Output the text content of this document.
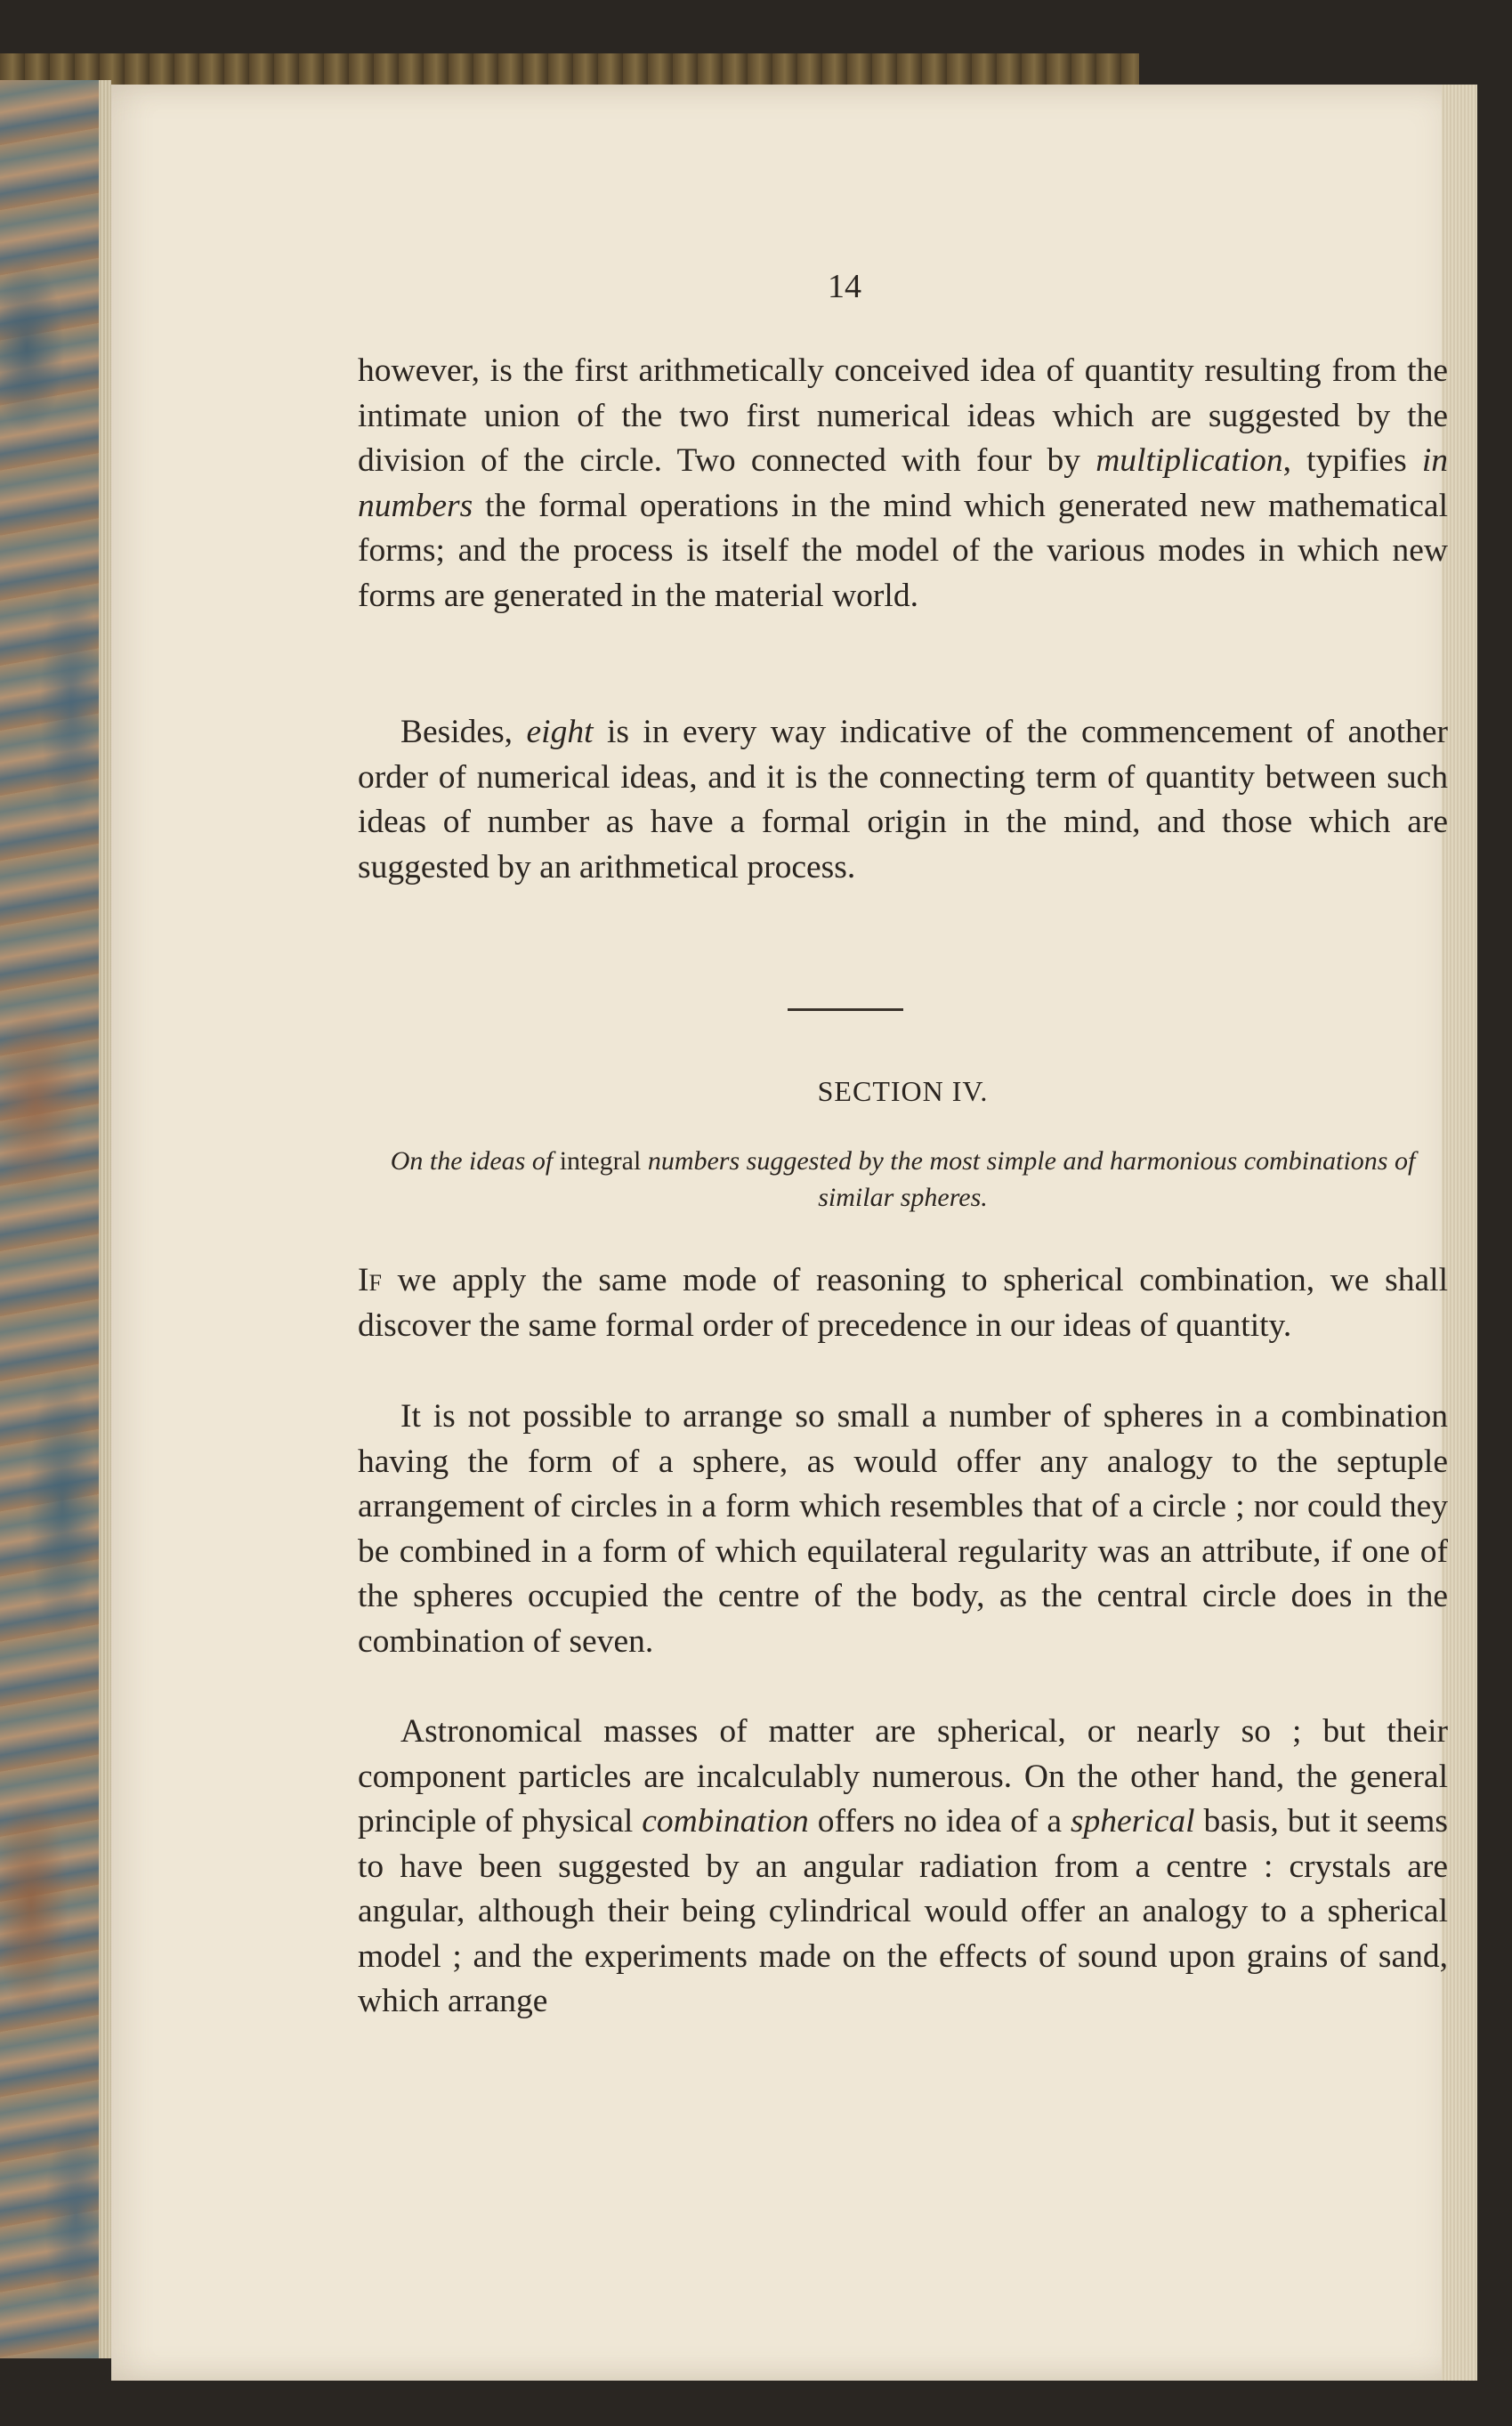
14

however, is the first arithmetically conceived idea of quantity resulting from the intimate union of the two first numerical ideas which are suggested by the division of the circle. Two connected with four by multiplication, typifies in numbers the formal operations in the mind which generated new mathematical forms; and the process is itself the model of the various modes in which new forms are generated in the material world.

Besides, eight is in every way indicative of the commencement of another order of numerical ideas, and it is the connecting term of quantity between such ideas of number as have a formal origin in the mind, and those which are suggested by an arithmetical process.

SECTION IV.
On the ideas of integral numbers suggested by the most simple and harmonious combinations of similar spheres.

If we apply the same mode of reasoning to spherical combination, we shall discover the same formal order of precedence in our ideas of quantity.

It is not possible to arrange so small a number of spheres in a combination having the form of a sphere, as would offer any analogy to the septuple arrangement of circles in a form which resembles that of a circle ; nor could they be combined in a form of which equilateral regularity was an attribute, if one of the spheres occupied the centre of the body, as the central circle does in the combination of seven.

Astronomical masses of matter are spherical, or nearly so ; but their component particles are incalculably numerous. On the other hand, the general principle of physical combination offers no idea of a spherical basis, but it seems to have been suggested by an angular radiation from a centre : crystals are angular, although their being cylindrical would offer an analogy to a spherical model ; and the experiments made on the effects of sound upon grains of sand, which arrange
